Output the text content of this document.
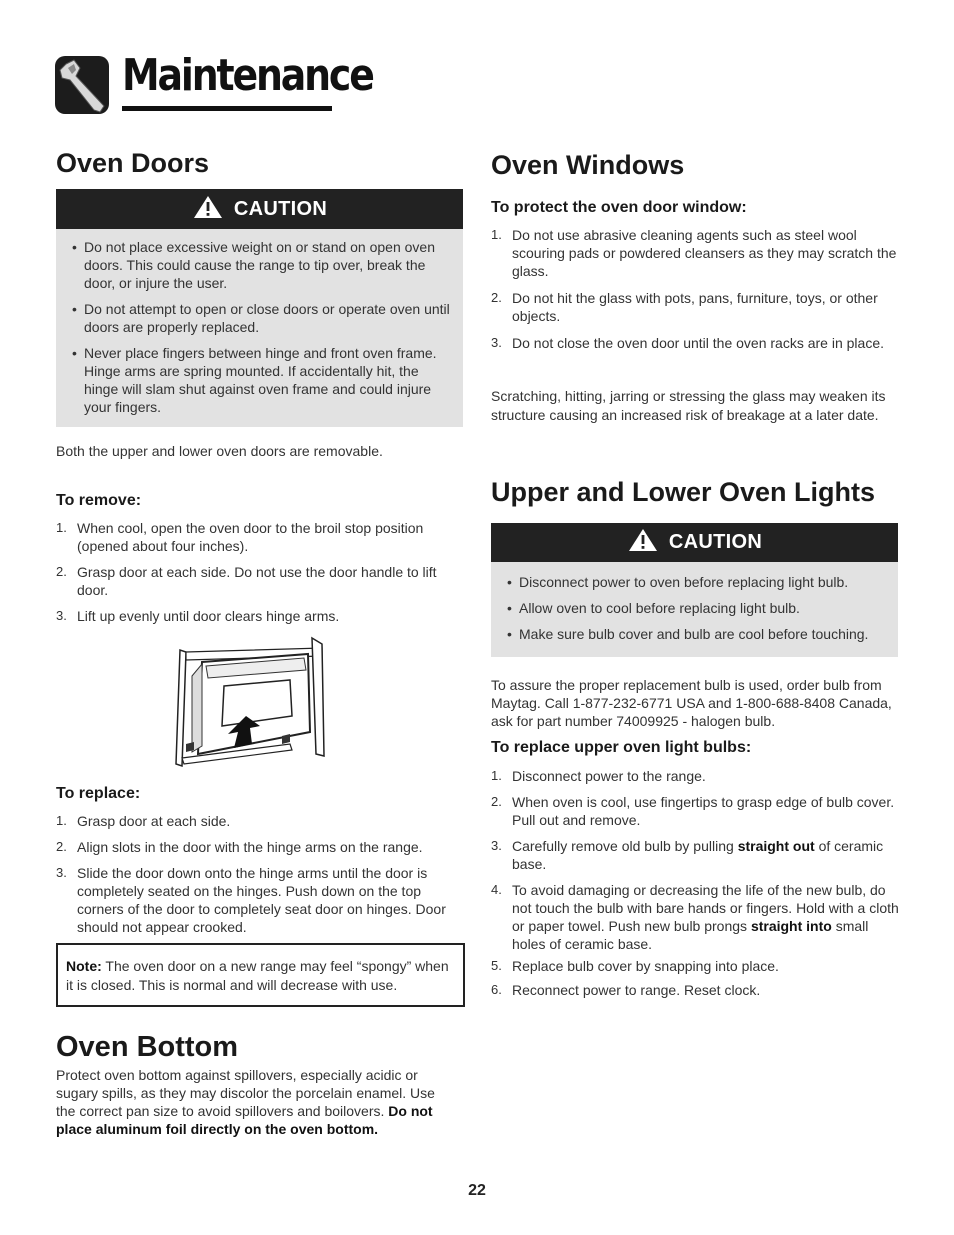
Maintenance
Oven Doors
CAUTION
• Do not place excessive weight on or stand on open oven doors. This could cause the range to tip over, break the door, or injure the user.
• Do not attempt to open or close doors or operate oven until doors are properly replaced.
• Never place fingers between hinge and front oven frame. Hinge arms are spring mounted. If accidentally hit, the hinge will slam shut against oven frame and could injure your fingers.
Both the upper and lower oven doors are removable.
To remove:
1. When cool, open the oven door to the broil stop position (opened about four inches).
2. Grasp door at each side. Do not use the door handle to lift door.
3. Lift up evenly until door clears hinge arms.
To replace:
1. Grasp door at each side.
2. Align slots in the door with the hinge arms on the range.
3. Slide the door down onto the hinge arms until the door is completely seated on the hinges. Push down on the top corners of the door to completely seat door on hinges. Door should not appear crooked.
Note: The oven door on a new range may feel “spongy” when it is closed. This is normal and will decrease with use.
Oven Bottom
Protect oven bottom against spillovers, especially acidic or sugary spills, as they may discolor the porcelain enamel. Use the correct pan size to avoid spillovers and boilovers. Do not place aluminum foil directly on the oven bottom.
Oven Windows
To protect the oven door window:
1. Do not use abrasive cleaning agents such as steel wool scouring pads or powdered cleansers as they may scratch the glass.
2. Do not hit the glass with pots, pans, furniture, toys, or other objects.
3. Do not close the oven door until the oven racks are in place.
Scratching, hitting, jarring or stressing the glass may weaken its structure causing an increased risk of breakage at a later date.
Upper and Lower Oven Lights
CAUTION
• Disconnect power to oven before replacing light bulb.
• Allow oven to cool before replacing light bulb.
• Make sure bulb cover and bulb are cool before touching.
To assure the proper replacement bulb is used, order bulb from Maytag. Call 1-877-232-6771 USA and 1-800-688-8408 Canada, ask for part number 74009925 - halogen bulb.
To replace upper oven light bulbs:
1. Disconnect power to the range.
2. When oven is cool, use fingertips to grasp edge of bulb cover. Pull out and remove.
3. Carefully remove old bulb by pulling straight out of ceramic base.
4. To avoid damaging or decreasing the life of the new bulb, do not touch the bulb with bare hands or fingers. Hold with a cloth or paper towel. Push new bulb prongs straight into small holes of ceramic base.
5. Replace bulb cover by snapping into place.
6. Reconnect power to range. Reset clock.
22
